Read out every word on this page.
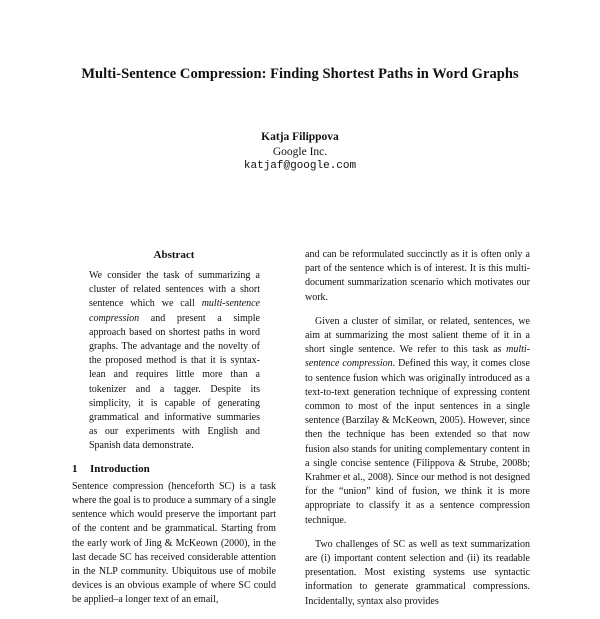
Multi-Sentence Compression: Finding Shortest Paths in Word Graphs
Katja Filippova
Google Inc.
katjaf@google.com
Abstract
We consider the task of summarizing a cluster of related sentences with a short sentence which we call multi-sentence compression and present a simple approach based on shortest paths in word graphs. The advantage and the novelty of the proposed method is that it is syntax-lean and requires little more than a tokenizer and a tagger. Despite its simplicity, it is capable of generating grammatical and informative summaries as our experiments with English and Spanish data demonstrate.
1 Introduction

Sentence compression (henceforth SC) is a task where the goal is to produce a summary of a single sentence which would preserve the important part of the content and be grammatical. Starting from the early work of Jing & McKeown (2000), in the last decade SC has received considerable attention in the NLP community. Ubiquitous use of mobile devices is an obvious example of where SC could be applied–a longer text of an email,

and can be reformulated succinctly as it is often only a part of the sentence which is of interest. It is this multi-document summarization scenario which motivates our work.

Given a cluster of similar, or related, sentences, we aim at summarizing the most salient theme of it in a short single sentence. We refer to this task as multi-sentence compression. Defined this way, it comes close to sentence fusion which was originally introduced as a text-to-text generation technique of expressing content common to most of the input sentences in a single sentence (Barzilay & McKeown, 2005). However, since then the technique has been extended so that now fusion also stands for uniting complementary content in a single concise sentence (Filippova & Strube, 2008b; Krahmer et al., 2008). Since our method is not designed for the “union” kind of fusion, we think it is more appropriate to classify it as a sentence compression technique.

Two challenges of SC as well as text summarization are (i) important content selection and (ii) its readable presentation. Most existing systems use syntactic information to generate grammatical compressions. Incidentally, syntax also provides
